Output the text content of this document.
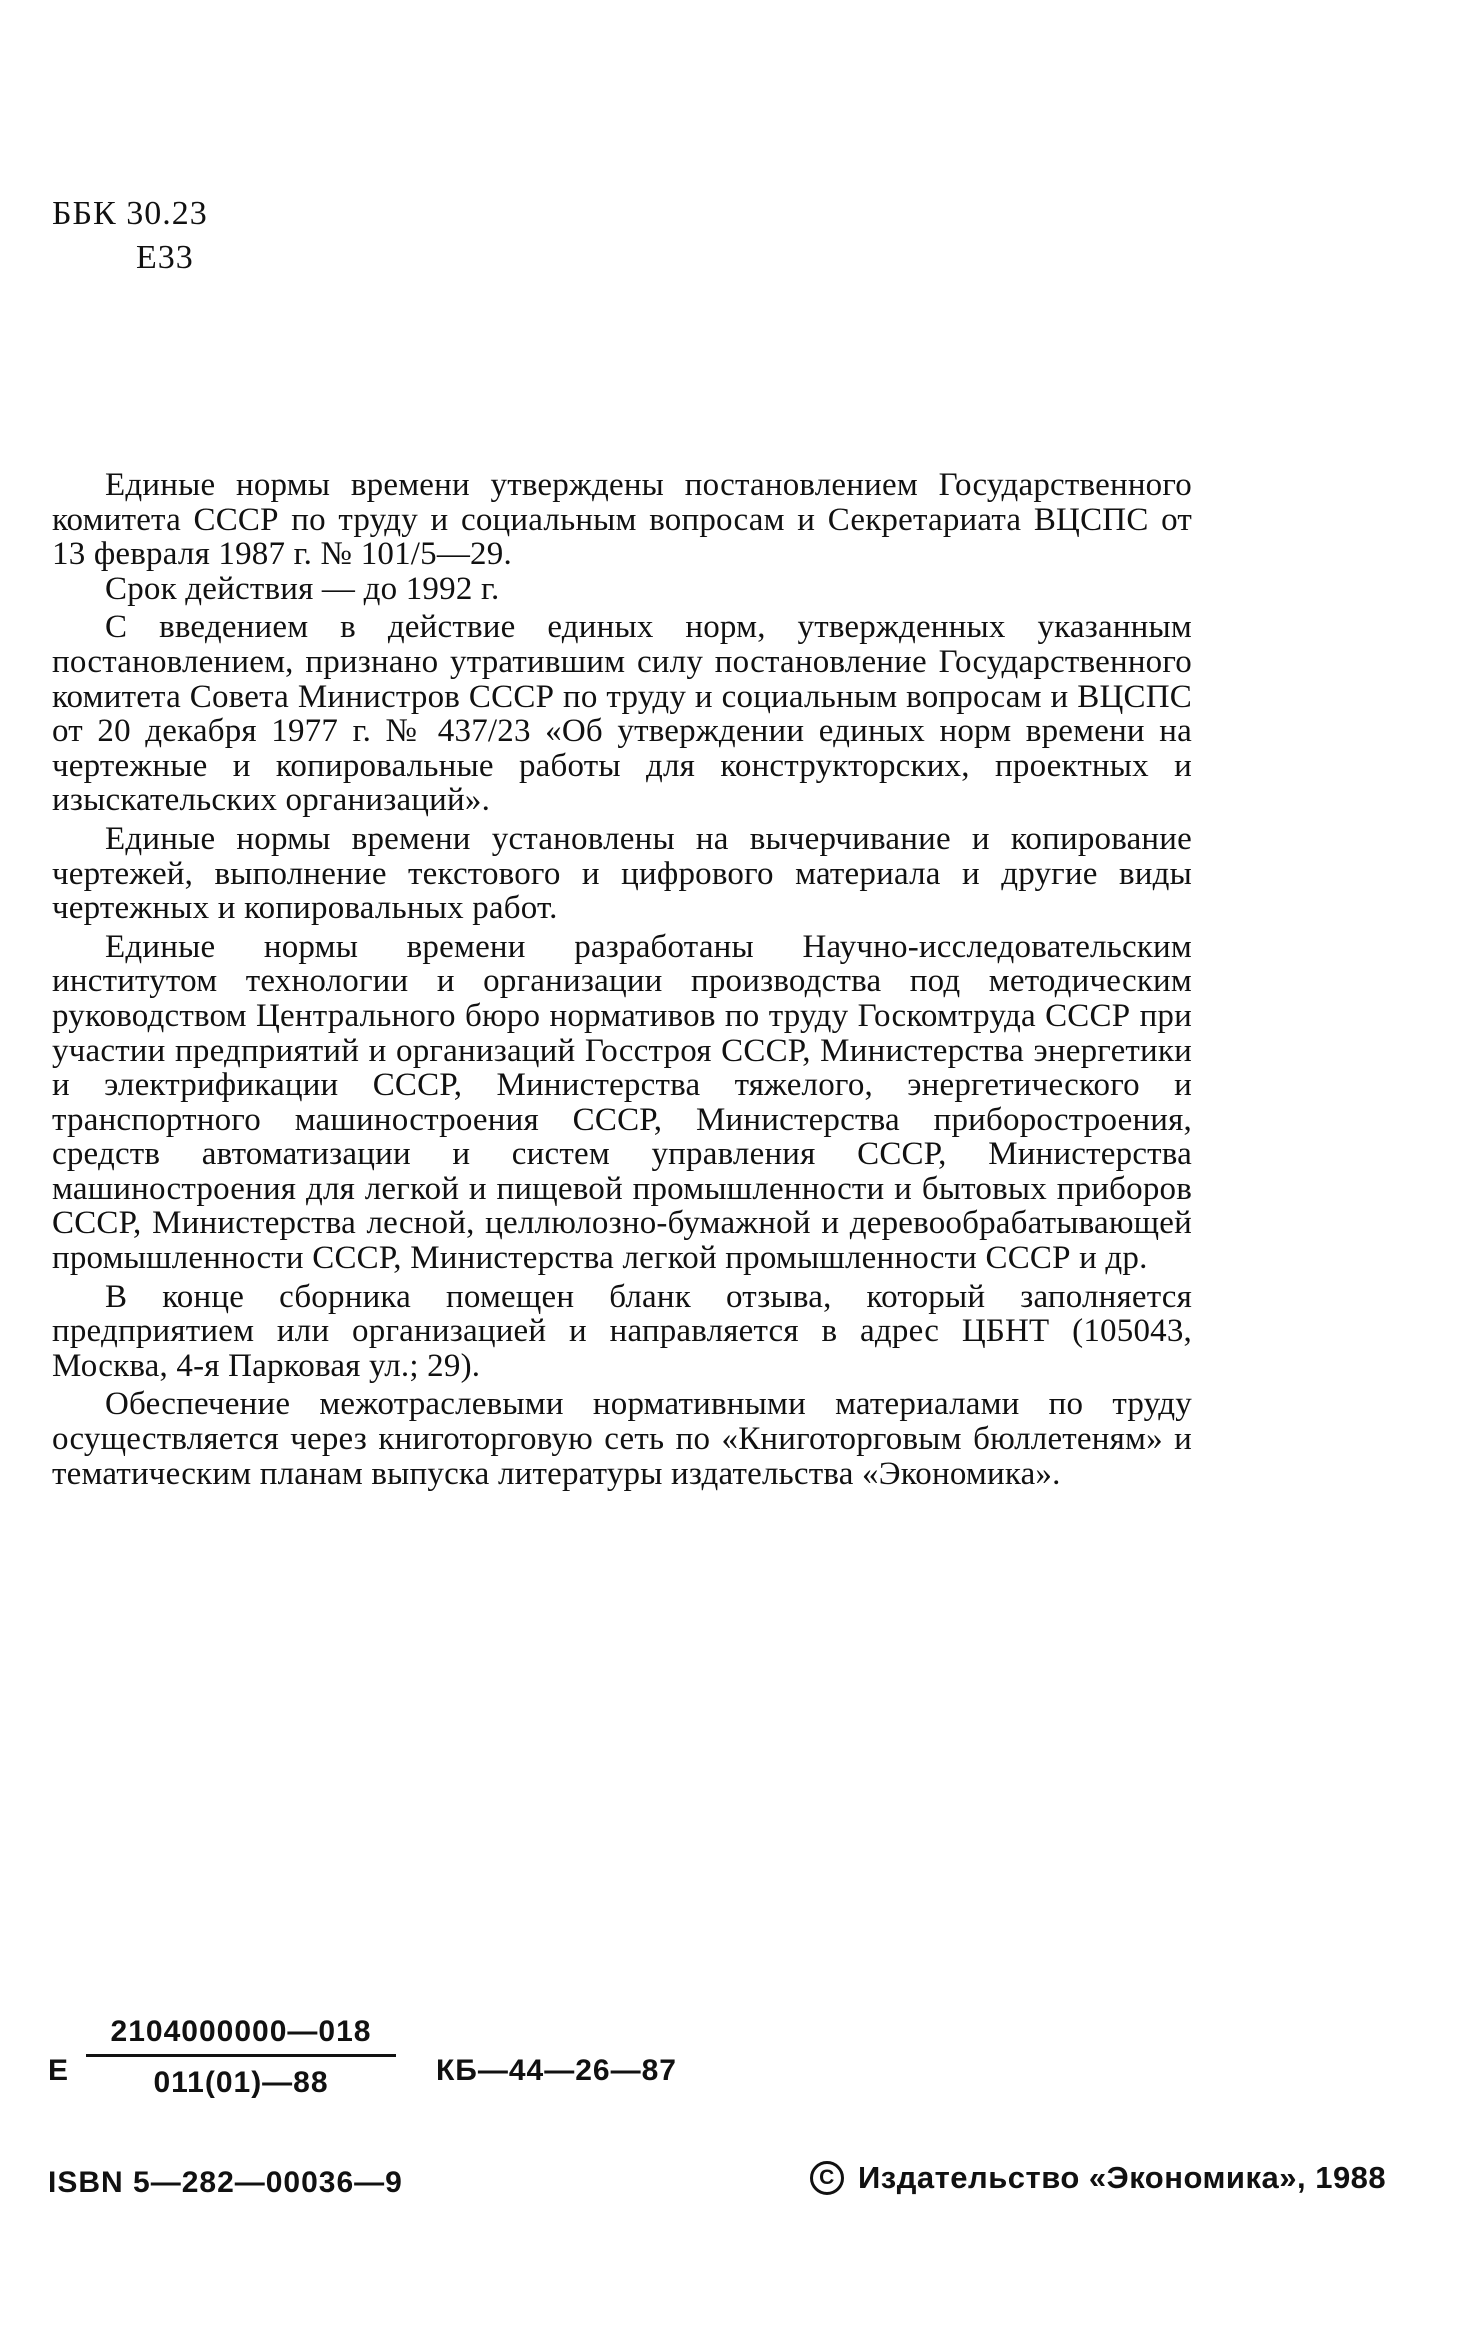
ББК 30.23
Е33

Единые нормы времени утверждены постановлением Государственного комитета СССР по труду и социальным вопросам и Секретариата ВЦСПС от 13 февраля 1987 г. № 101/5—29.

Срок действия — до 1992 г.

С введением в действие единых норм, утвержденных указанным постановлением, признано утратившим силу постановление Государственного комитета Совета Министров СССР по труду и социальным вопросам и ВЦСПС от 20 декабря 1977 г. № 437/23 «Об утверждении единых норм времени на чертежные и копировальные работы для конструкторских, проектных и изыскательских организаций».

Единые нормы времени установлены на вычерчивание и копирование чертежей, выполнение текстового и цифрового материала и другие виды чертежных и копировальных работ.

Единые нормы времени разработаны Научно-исследовательским институтом технологии и организации производства под методическим руководством Центрального бюро нормативов по труду Госкомтруда СССР при участии предприятий и организаций Госстроя СССР, Министерства энергетики и электрификации СССР, Министерства тяжелого, энергетического и транспортного машиностроения СССР, Министерства приборостроения, средств автоматизации и систем управления СССР, Министерства машиностроения для легкой и пищевой промышленности и бытовых приборов СССР, Министерства лесной, целлюлозно-бумажной и деревообрабатывающей промышленности СССР, Министерства легкой промышленности СССР и др.

В конце сборника помещен бланк отзыва, который заполняется предприятием или организацией и направляется в адрес ЦБНТ (105043, Москва, 4-я Парковая ул.; 29).

Обеспечение межотраслевыми нормативными материалами по труду осуществляется через книготорговую сеть по «Книготорговым бюллетеням» и тематическим планам выпуска литературы издательства «Экономика».

Е
2104000000—018
011(01)—88	КБ—44—26—87
ISBN 5—282—00036—9	C Издательство «Экономика», 1988
